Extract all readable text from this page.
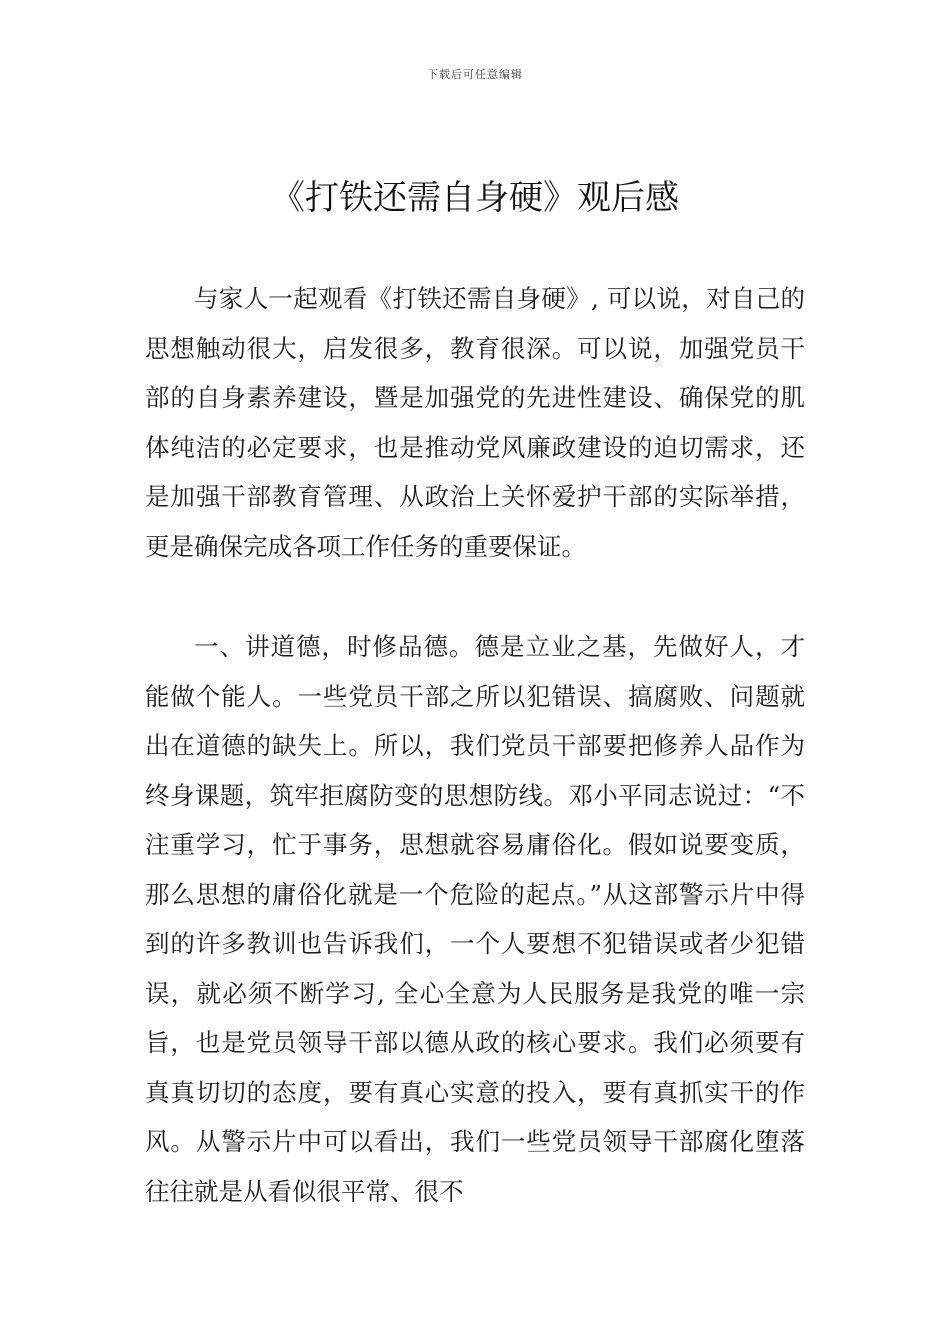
下载后可任意编辑
《打铁还需自身硬》观后感

与家人一起观看《打铁还需自身硬》, 可以说，对自己的思想触动很大，启发很多，教育很深。可以说，加强党员干部的自身素养建设，暨是加强党的先进性建设、确保党的肌体纯洁的必定要求，也是推动党风廉政建设的迫切需求，还是加强干部教育管理、从政治上关怀爱护干部的实际举措，更是确保完成各项工作任务的重要保证。

一、讲道德，时修品德。德是立业之基，先做好人，才能做个能人。一些党员干部之所以犯错误、搞腐败、问题就出在道德的缺失上。所以，我们党员干部要把修养人品作为终身课题，筑牢拒腐防变的思想防线。邓小平同志说过：“不注重学习，忙于事务，思想就容易庸俗化。假如说要变质，那么思想的庸俗化就是一个危险的起点。”从这部警示片中得到的许多教训也告诉我们，一个人要想不犯错误或者少犯错误，就必须不断学习, 全心全意为人民服务是我党的唯一宗旨，也是党员领导干部以德从政的核心要求。我们必须要有真真切切的态度，要有真心实意的投入，要有真抓实干的作风。从警示片中可以看出，我们一些党员领导干部腐化堕落往往就是从看似很平常、很不
